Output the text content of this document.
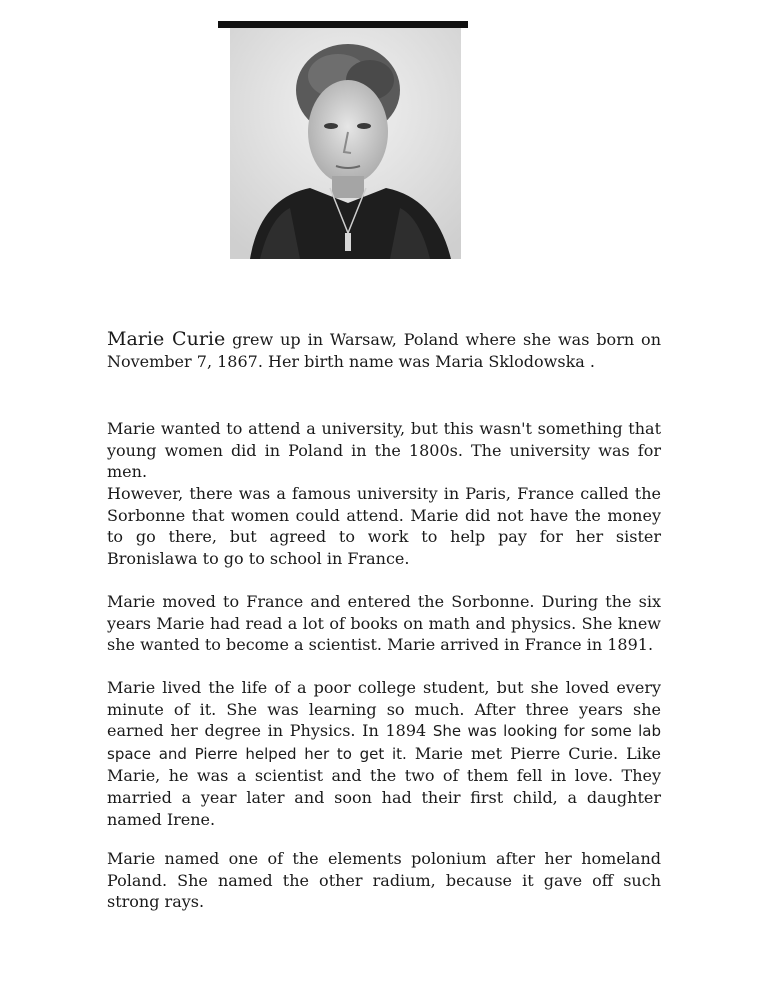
Marie Curie grew up in Warsaw, Poland where she was born on November 7, 1867. Her birth name was Maria Sklodowska .

Marie wanted to attend a university, but this wasn't something that young women did in Poland in the 1800s. The university was for men.

However, there was a famous university in Paris, France called the Sorbonne that women could attend. Marie did not have the money to go there, but agreed to work to help pay for her sister Bronislawa to go to school in France.

Marie moved to France and entered the Sorbonne. During the six years Marie had read a lot of books on math and physics. She knew she wanted to become a scientist. Marie arrived in France in 1891.

Marie lived the life of a poor college student, but she loved every minute of it. She was learning so much. After three years she earned her degree in Physics. In 1894 She was looking for some lab space and Pierre helped her to get it. Marie met Pierre Curie. Like Marie, he was a scientist and the two of them fell in love. They married a year later and soon had their first child, a daughter named Irene.

Marie named one of the elements polonium after her homeland Poland. She named the other radium, because it gave off such strong rays.
